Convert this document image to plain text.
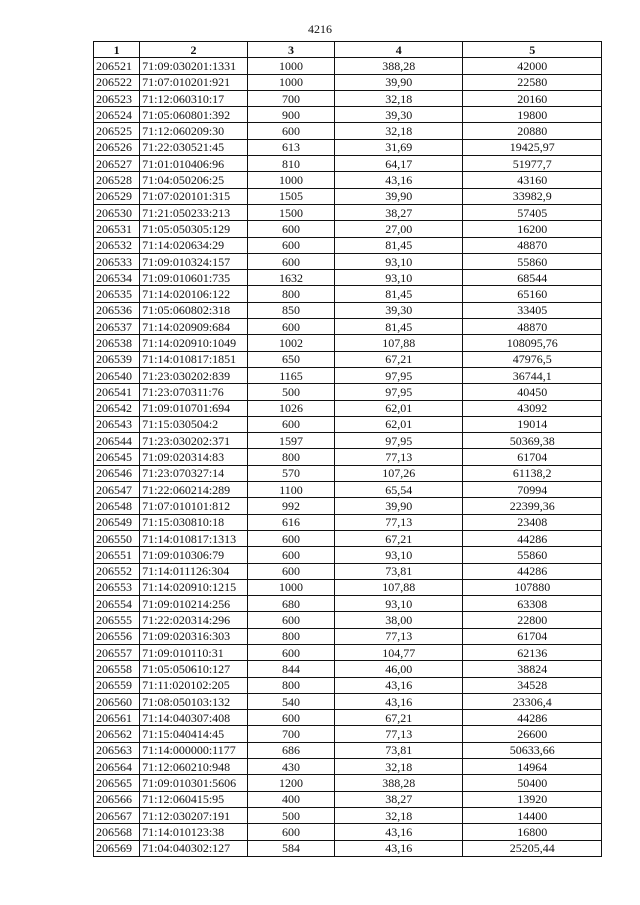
4216
1	2	3	4	5
206521	71:09:030201:1331	1000	388,28	42000
206522	71:07:010201:921	1000	39,90	22580
206523	71:12:060310:17	700	32,18	20160
206524	71:05:060801:392	900	39,30	19800
206525	71:12:060209:30	600	32,18	20880
206526	71:22:030521:45	613	31,69	19425,97
206527	71:01:010406:96	810	64,17	51977,7
206528	71:04:050206:25	1000	43,16	43160
206529	71:07:020101:315	1505	39,90	33982,9
206530	71:21:050233:213	1500	38,27	57405
206531	71:05:050305:129	600	27,00	16200
206532	71:14:020634:29	600	81,45	48870
206533	71:09:010324:157	600	93,10	55860
206534	71:09:010601:735	1632	93,10	68544
206535	71:14:020106:122	800	81,45	65160
206536	71:05:060802:318	850	39,30	33405
206537	71:14:020909:684	600	81,45	48870
206538	71:14:020910:1049	1002	107,88	108095,76
206539	71:14:010817:1851	650	67,21	47976,5
206540	71:23:030202:839	1165	97,95	36744,1
206541	71:23:070311:76	500	97,95	40450
206542	71:09:010701:694	1026	62,01	43092
206543	71:15:030504:2	600	62,01	19014
206544	71:23:030202:371	1597	97,95	50369,38
206545	71:09:020314:83	800	77,13	61704
206546	71:23:070327:14	570	107,26	61138,2
206547	71:22:060214:289	1100	65,54	70994
206548	71:07:010101:812	992	39,90	22399,36
206549	71:15:030810:18	616	77,13	23408
206550	71:14:010817:1313	600	67,21	44286
206551	71:09:010306:79	600	93,10	55860
206552	71:14:011126:304	600	73,81	44286
206553	71:14:020910:1215	1000	107,88	107880
206554	71:09:010214:256	680	93,10	63308
206555	71:22:020314:296	600	38,00	22800
206556	71:09:020316:303	800	77,13	61704
206557	71:09:010110:31	600	104,77	62136
206558	71:05:050610:127	844	46,00	38824
206559	71:11:020102:205	800	43,16	34528
206560	71:08:050103:132	540	43,16	23306,4
206561	71:14:040307:408	600	67,21	44286
206562	71:15:040414:45	700	77,13	26600
206563	71:14:000000:1177	686	73,81	50633,66
206564	71:12:060210:948	430	32,18	14964
206565	71:09:010301:5606	1200	388,28	50400
206566	71:12:060415:95	400	38,27	13920
206567	71:12:030207:191	500	32,18	14400
206568	71:14:010123:38	600	43,16	16800
206569	71:04:040302:127	584	43,16	25205,44
